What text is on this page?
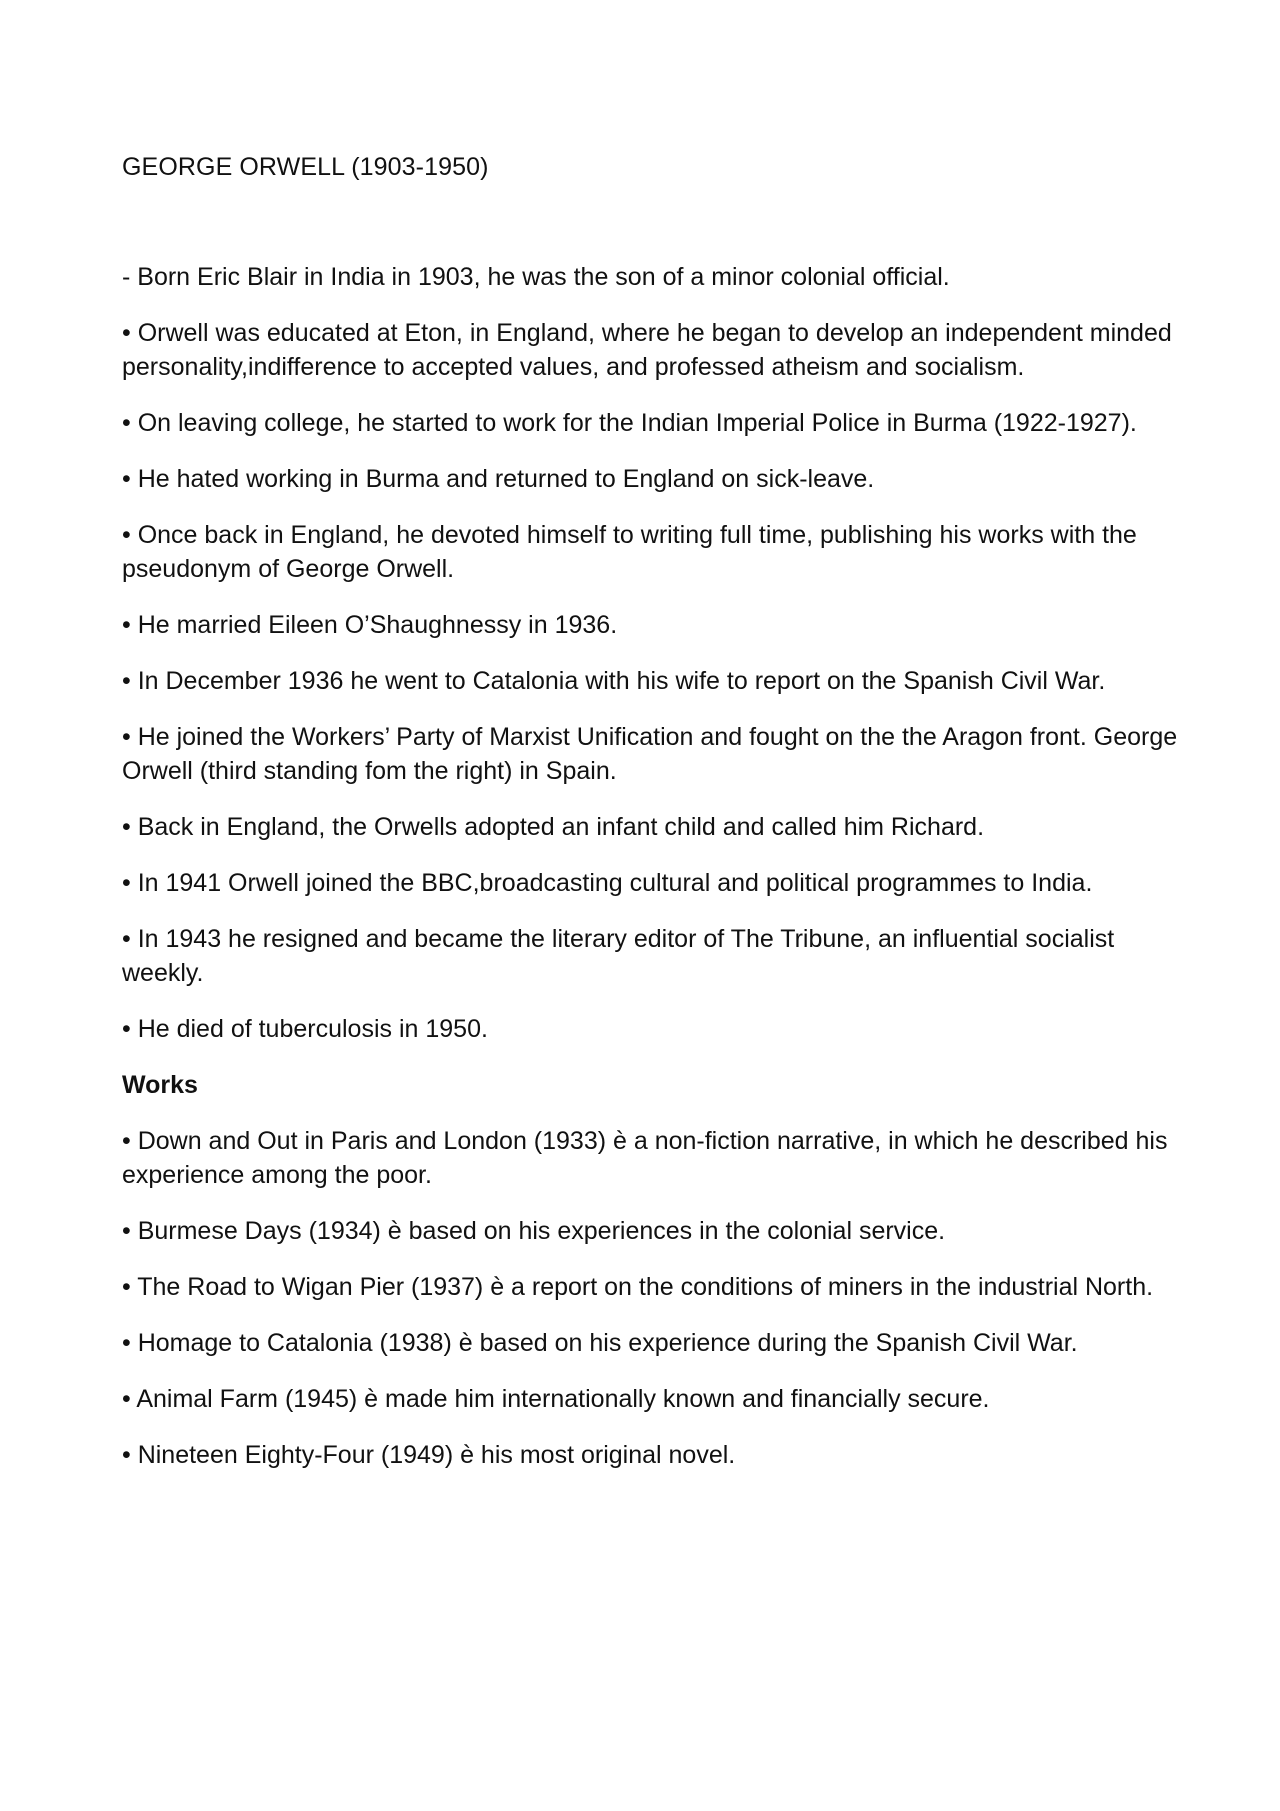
GEORGE ORWELL (1903-1950)

- Born Eric Blair in India in 1903, he was the son of a minor colonial official.

• Orwell was educated at Eton, in England, where he began to develop an independent minded personality,indifference to accepted values, and professed atheism and socialism.

• On leaving college, he started to work for the Indian Imperial Police in Burma (1922-1927).

• He hated working in Burma and returned to England on sick-leave.

• Once back in England, he devoted himself to writing full time, publishing his works with the pseudonym of George Orwell.

• He married Eileen O’Shaughnessy in 1936.

• In December 1936 he went to Catalonia with his wife to report on the Spanish Civil War.

• He joined the Workers’ Party of Marxist Unification and fought on the the Aragon front. George Orwell (third standing fom the right) in Spain.

• Back in England, the Orwells adopted an infant child and called him Richard.

• In 1941 Orwell joined the BBC,broadcasting cultural and political programmes to India.

• In 1943 he resigned and became the literary editor of The Tribune, an influential socialist weekly.

• He died of tuberculosis in 1950.

Works

• Down and Out in Paris and London (1933) è a non-fiction narrative, in which he described his experience among the poor.

• Burmese Days (1934) è based on his experiences in the colonial service.

• The Road to Wigan Pier (1937) è a report on the conditions of miners in the industrial North.

• Homage to Catalonia (1938) è based on his experience during the Spanish Civil War.

• Animal Farm (1945) è made him internationally known and financially secure.

• Nineteen Eighty-Four (1949) è his most original novel.
